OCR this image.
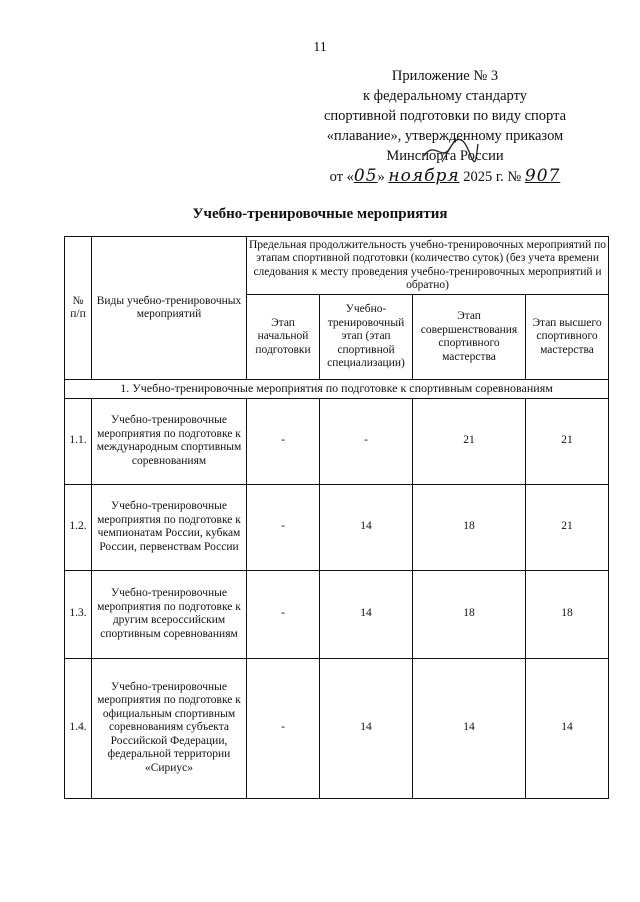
11
Приложение № 3
к федеральному стандарту
спортивной подготовки по виду спорта
«плавание», утвержденному приказом
Минспорта России
от «05» ноября 2025 г. № 907
Учебно-тренировочные мероприятия
№ п/п	Виды учебно-тренировочных мероприятий	Предельная продолжительность учебно-тренировочных мероприятий по этапам спортивной подготовки (количество суток) (без учета времени следования к месту проведения учебно-тренировочных мероприятий и обратно)			
		Этап начальной подготовки	Учебно-тренировочный этап (этап спортивной специализации)	Этап совершенствования спортивного мастерства	Этап высшего спортивного мастерства
1. Учебно-тренировочные мероприятия по подготовке к спортивным соревнованиям					
1.1.	Учебно-тренировочные мероприятия по подготовке к международным спортивным соревнованиям	-	-	21	21
1.2.	Учебно-тренировочные мероприятия по подготовке к чемпионатам России, кубкам России, первенствам России	-	14	18	21
1.3.	Учебно-тренировочные мероприятия по подготовке к другим всероссийским спортивным соревнованиям	-	14	18	18
1.4.	Учебно-тренировочные мероприятия по подготовке к официальным спортивным соревнованиям субъекта Российской Федерации, федеральной территории «Сириус»	-	14	14	14
